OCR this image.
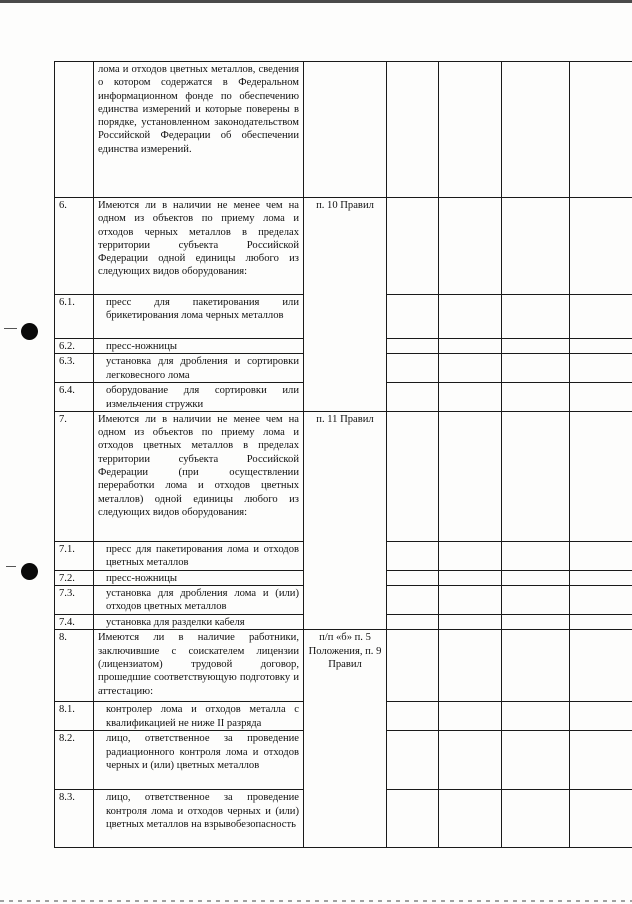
	лома и отходов цветных металлов, сведения о котором содержатся в Федеральном информационном фонде по обеспечению единства измерений и которые поверены в порядке, установленном законодательством Российской Федерации об обеспечении единства измерений.					
6.	Имеются ли в наличии не менее чем на одном из объектов по приему лома и отходов черных металлов в пределах территории субъекта Российской Федерации одной единицы любого из следующих видов оборудования:	п. 10 Правил				
6.1.	пресс для пакетирования или брикетирования лома черных металлов					
6.2.	пресс-ножницы					
6.3.	установка для дробления и сортировки легковесного лома					
6.4.	оборудование для сортировки или измельчения стружки					
7.	Имеются ли в наличии не менее чем на одном из объектов по приему лома и отходов цветных металлов в пределах территории субъекта Российской Федерации (при осуществлении переработки лома и отходов цветных металлов) одной единицы любого из следующих видов оборудования:	п. 11 Правил				
7.1.	пресс для пакетирования лома и отходов цветных металлов					
7.2.	пресс-ножницы					
7.3.	установка для дробления лома и (или) отходов цветных металлов					
7.4.	установка для разделки кабеля					
8.	Имеются ли в наличие работники, заключившие с соискателем лицензии (лицензиатом) трудовой договор, прошедшие соответствующую подготовку и аттестацию:	п/п «б» п. 5 Положения, п. 9 Правил				
8.1.	контролер лома и отходов металла с квалификацией не ниже II разряда					
8.2.	лицо, ответственное за проведение радиационного контроля лома и отходов черных и (или) цветных металлов					
8.3.	лицо, ответственное за проведение контроля лома и отходов черных и (или) цветных металлов на взрывобезопасность					
